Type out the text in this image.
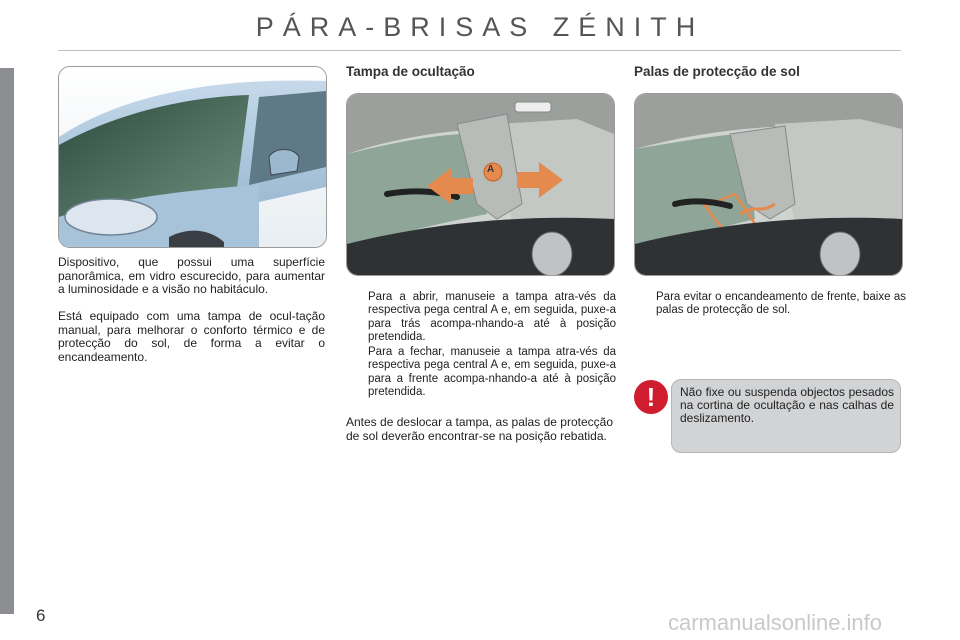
PÁRA-BRISAS ZÉNITH

Dispositivo, que possui uma superfície panorâmica, em vidro escurecido, para aumentar a luminosidade e a visão no habitáculo.

Está equipado com uma tampa de ocul-tação manual, para melhorar o conforto térmico e de protecção do sol, de forma a evitar o encandeamento.

Tampa de ocultação
A
Para a abrir, manuseie a tampa atra-vés da respectiva pega central A e, em seguida, puxe-a para trás acompa-nhando-a até à posição pretendida.
Para a fechar, manuseie a tampa atra-vés da respectiva pega central A e, em seguida, puxe-a para a frente acompa-nhando-a até à posição pretendida.

Antes de deslocar a tampa, as palas de protecção de sol deverão encontrar-se na posição rebatida.

Palas de protecção de sol
Para evitar o encandeamento de frente, baixe as palas de protecção de sol.
!	Não fixe ou suspenda objectos pesados na cortina de ocultação e nas calhas de deslizamento.

6	carmanualsonline.info
